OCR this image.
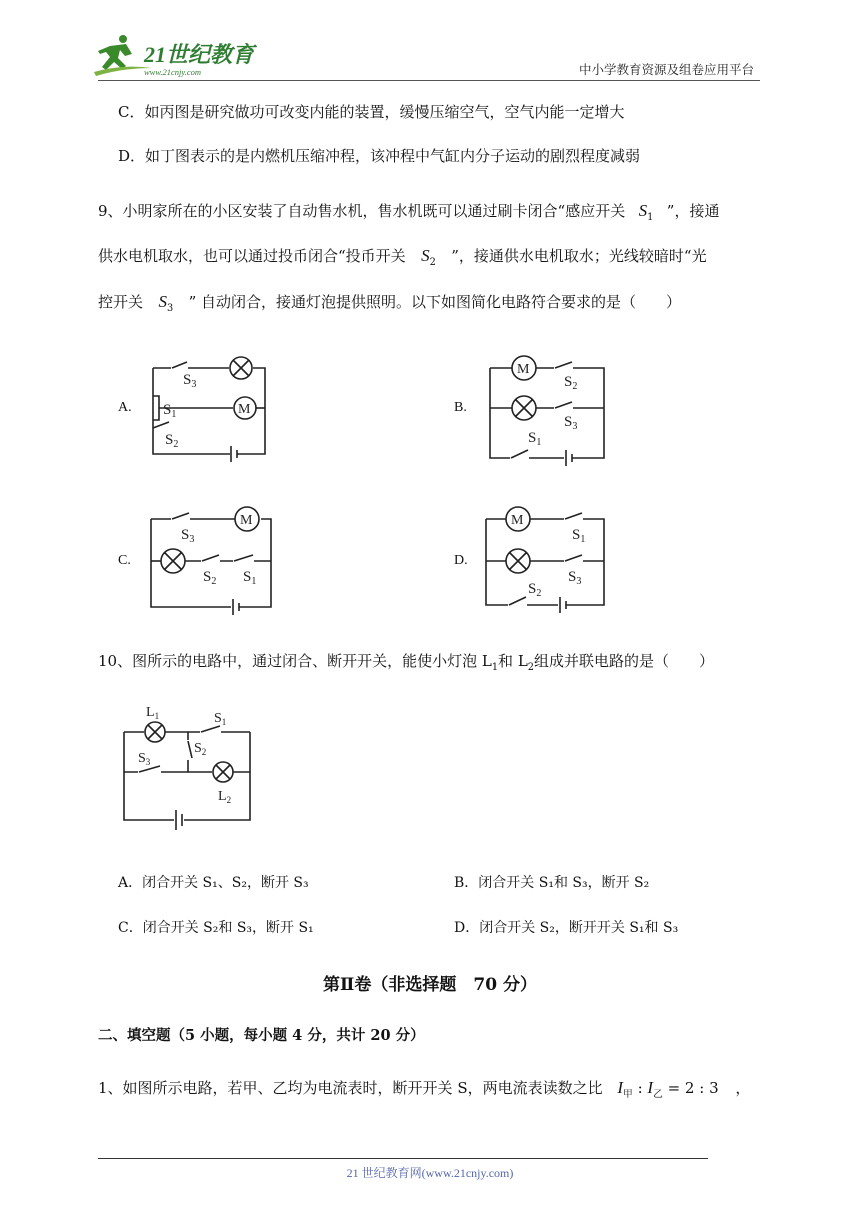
21世纪教育
www.21cnjy.com	中小学教育资源及组卷应用平台
C．如丙图是研究做功可改变内能的装置，缓慢压缩空气，空气内能一定增大
D．如丁图表示的是内燃机压缩冲程，该冲程中气缸内分子运动的剧烈程度减弱
9、小明家所在的小区安装了自动售水机，售水机既可以通过刷卡闭合“感应开关 $S_1$ ”，接通
供水电机取水，也可以通过投币闭合“投币开关 $S_2$ ”，接通供水电机取水；光线较暗时“光
控开关 $S_3$ ” 自动闭合，接通灯泡提供照明。以下如图简化电路符合要求的是（　　）
A.	B.
C.	D.
$S_3$
$S_1$
$S_2$
M
M
$S_2$
$S_3$
$S_1$
M
$S_3$
$S_2$ $S_1$
M
$S_1$
$S_3$
$S_2$
10、图所示的电路中，通过闭合、断开开关，能使小灯泡 $L_1$和 $L_2$组成并联电路的是（　　）
$L_1$	$S_1$
$S_2$
$S_3$
$L_2$
A．闭合开关 S₁、S₂，断开 S₃	B．闭合开关 S₁和 S₃，断开 S₂
C．闭合开关 S₂和 S₃，断开 S₁	D．闭合开关 S₂，断开开关 S₁和 S₃
第Ⅱ卷（非选择题　70 分）
二、填空题（5 小题，每小题 4 分，共计 20 分）
1、如图所示电路，若甲、乙均为电流表时，断开开关 S，两电流表读数之比 $I_甲$ : $I_乙 = 2$ : 3 ，
21 世纪教育网(www.21cnjy.com)
